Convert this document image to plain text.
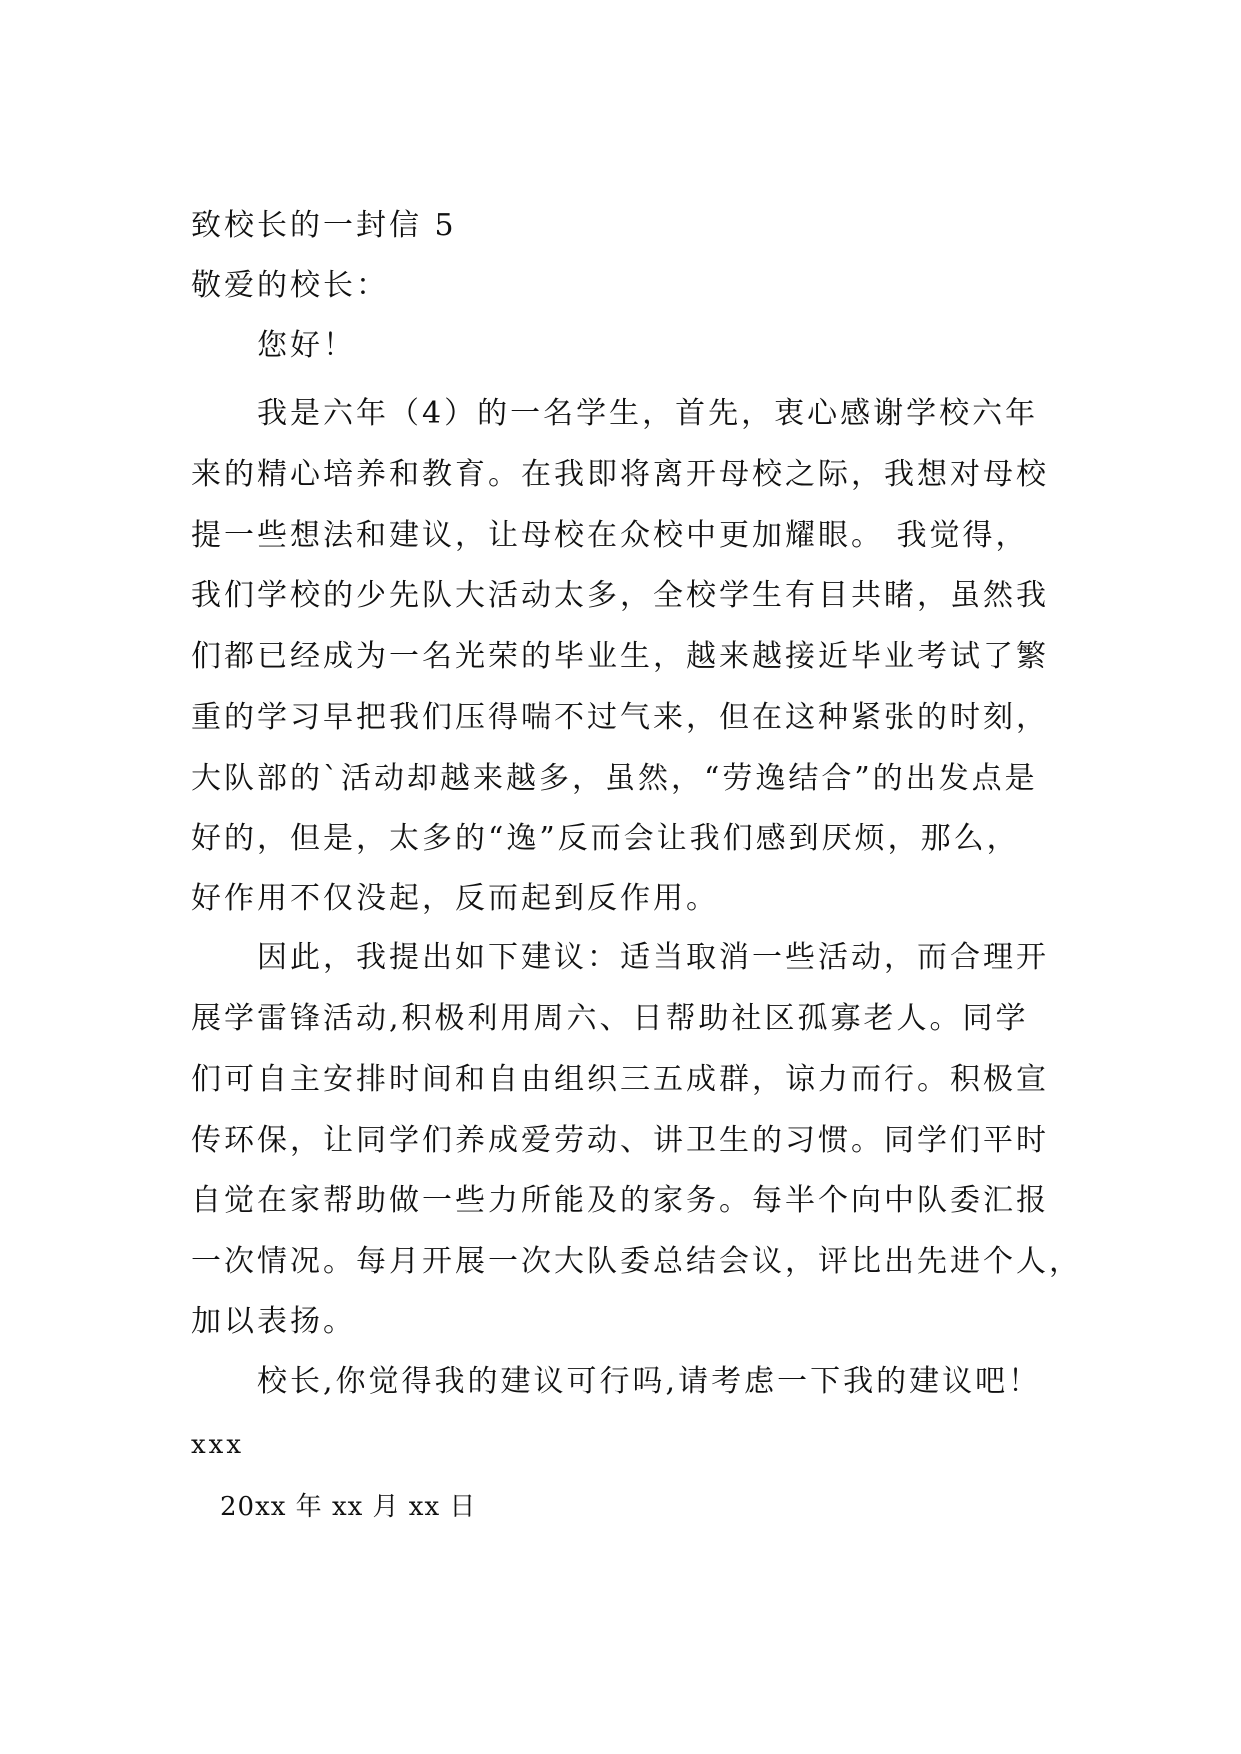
致校长的一封信 5
敬爱的校长：
您好！
我是六年（4）的一名学生，首先，衷心感谢学校六年
来的精心培养和教育。在我即将离开母校之际，我想对母校
提一些想法和建议，让母校在众校中更加耀眼。 我觉得，
我们学校的少先队大活动太多，全校学生有目共睹，虽然我
们都已经成为一名光荣的毕业生，越来越接近毕业考试了繁
重的学习早把我们压得喘不过气来，但在这种紧张的时刻，
大队部的`活动却越来越多，虽然，“劳逸结合”的出发点是
好的，但是，太多的“逸”反而会让我们感到厌烦，那么，
好作用不仅没起，反而起到反作用。
因此，我提出如下建议：适当取消一些活动，而合理开
展学雷锋活动,积极利用周六、日帮助社区孤寡老人。同学
们可自主安排时间和自由组织三五成群，谅力而行。积极宣
传环保，让同学们养成爱劳动、讲卫生的习惯。同学们平时
自觉在家帮助做一些力所能及的家务。每半个向中队委汇报
一次情况。每月开展一次大队委总结会议，评比出先进个人，
加以表扬。
校长,你觉得我的建议可行吗,请考虑一下我的建议吧！
xxx
20xx 年 xx 月 xx 日
